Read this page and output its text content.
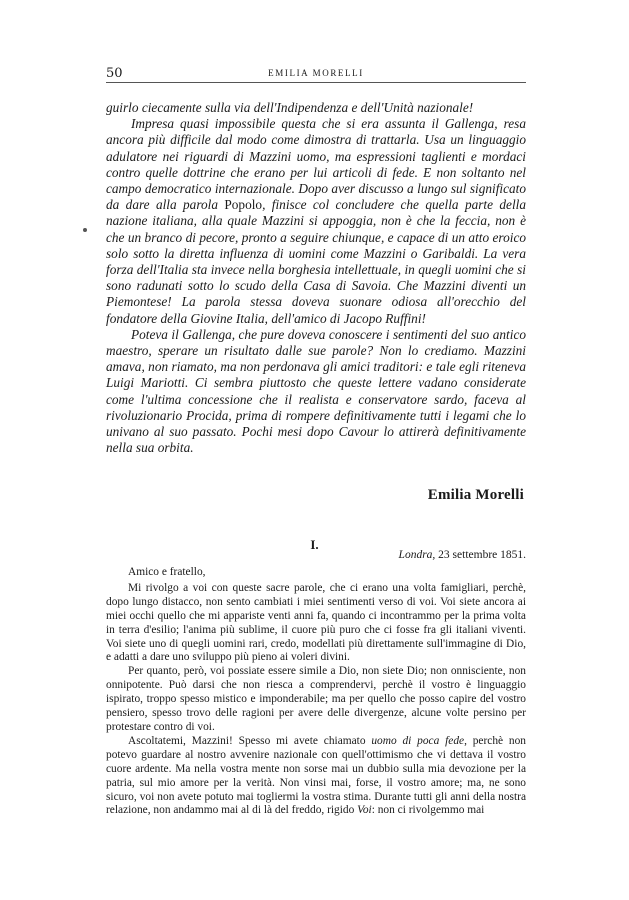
50	EMILIA MORELLI

guirlo ciecamente sulla via dell'Indipendenza e dell'Unità nazionale!

Impresa quasi impossibile questa che si era assunta il Gallenga, resa ancora più difficile dal modo come dimostra di trattarla. Usa un linguaggio adulatore nei riguardi di Mazzini uomo, ma espressioni taglienti e mordaci contro quelle dottrine che erano per lui articoli di fede. E non soltanto nel campo democratico internazionale. Dopo aver discusso a lungo sul significato da dare alla parola Popolo, finisce col concludere che quella parte della nazione italiana, alla quale Mazzini si appoggia, non è che la feccia, non è che un branco di pecore, pronto a seguire chiunque, e capace di un atto eroico solo sotto la diretta influenza di uomini come Mazzini o Garibaldi. La vera forza dell'Italia sta invece nella borghesia intellettuale, in quegli uomini che si sono radunati sotto lo scudo della Casa di Savoia. Che Mazzini diventi un Piemontese! La parola stessa doveva suonare odiosa all'orecchio del fondatore della Giovine Italia, dell'amico di Jacopo Ruffini!

Poteva il Gallenga, che pure doveva conoscere i sentimenti del suo antico maestro, sperare un risultato dalle sue parole? Non lo crediamo. Mazzini amava, non riamato, ma non perdonava gli amici traditori: e tale egli riteneva Luigi Mariotti. Ci sembra piuttosto che queste lettere vadano considerate come l'ultima concessione che il realista e conservatore sardo, faceva al rivoluzionario Procida, prima di rompere definitivamente tutti i legami che lo univano al suo passato. Pochi mesi dopo Cavour lo attirerà definitivamente nella sua orbita.

Emilia Morelli
I.
Londra, 23 settembre 1851.

Amico e fratello,

Mi rivolgo a voi con queste sacre parole, che ci erano una volta famigliari, perchè, dopo lungo distacco, non sento cambiati i miei sentimenti verso di voi. Voi siete ancora ai miei occhi quello che mi appariste venti anni fa, quando ci incontrammo per la prima volta in terra d'esilio; l'anima più sublime, il cuore più puro che ci fosse fra gli italiani viventi. Voi siete uno di quegli uomini rari, credo, modellati più direttamente sull'immagine di Dio, e adatti a dare uno sviluppo più pieno ai voleri divini.

Per quanto, però, voi possiate essere simile a Dio, non siete Dio; non onnisciente, non onnipotente. Può darsi che non riesca a comprendervi, perchè il vostro è linguaggio ispirato, troppo spesso mistico e imponderabile; ma per quello che posso capire del vostro pensiero, spesso trovo delle ragioni per avere delle divergenze, alcune volte persino per protestare contro di voi.

Ascoltatemi, Mazzini! Spesso mi avete chiamato uomo di poca fede, perchè non potevo guardare al nostro avvenire nazionale con quell'ottimismo che vi dettava il vostro cuore ardente. Ma nella vostra mente non sorse mai un dubbio sulla mia devozione per la patria, sul mio amore per la verità. Non vinsi mai, forse, il vostro amore; ma, ne sono sicuro, voi non avete potuto mai togliermi la vostra stima. Durante tutti gli anni della nostra relazione, non andammo mai al di là del freddo, rigido Voi: non ci rivolgemmo mai
